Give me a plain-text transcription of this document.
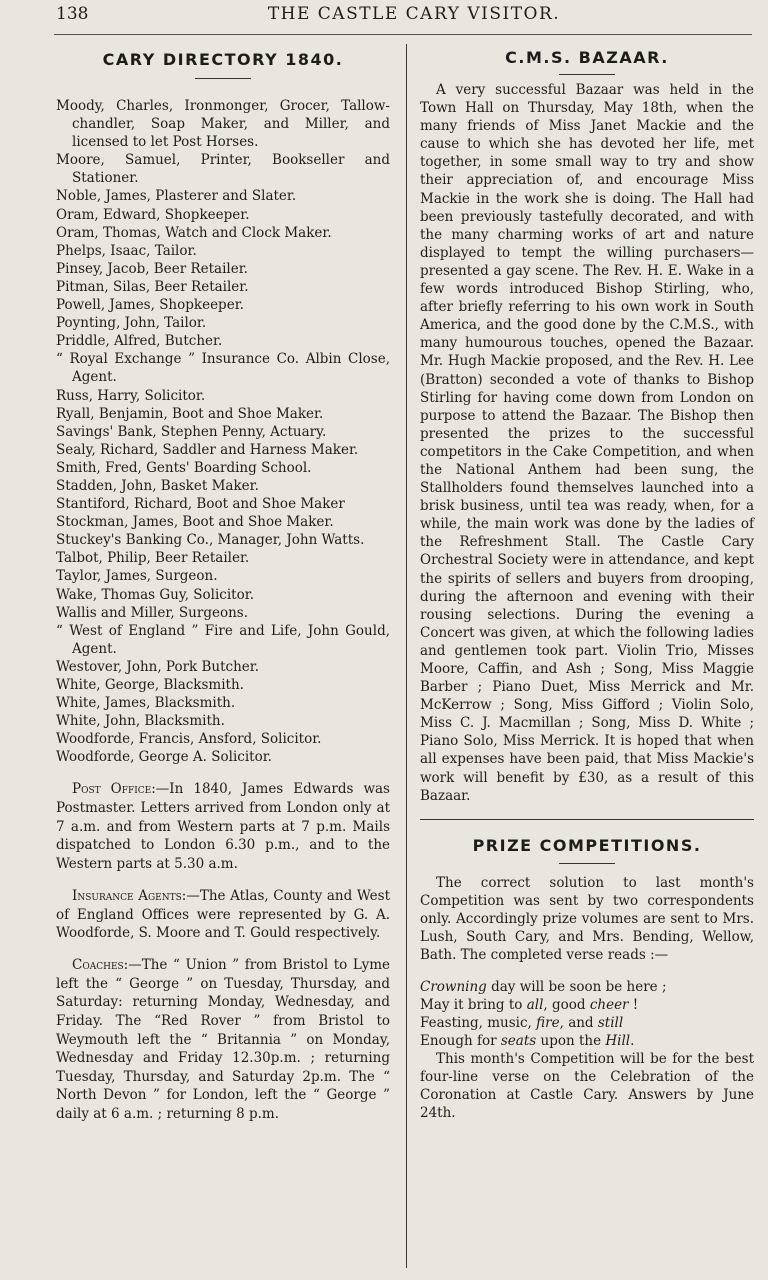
138	THE CASTLE CARY VISITOR.
CARY DIRECTORY 1840.
Moody, Charles, Ironmonger, Grocer, Tallow-chandler, Soap Maker, and Miller, and licensed to let Post Horses.
Moore, Samuel, Printer, Bookseller and Stationer.
Noble, James, Plasterer and Slater.
Oram, Edward, Shopkeeper.
Oram, Thomas, Watch and Clock Maker.
Phelps, Isaac, Tailor.
Pinsey, Jacob, Beer Retailer.
Pitman, Silas, Beer Retailer.
Powell, James, Shopkeeper.
Poynting, John, Tailor.
Priddle, Alfred, Butcher.
“ Royal Exchange ” Insurance Co. Albin Close, Agent.
Russ, Harry, Solicitor.
Ryall, Benjamin, Boot and Shoe Maker.
Savings' Bank, Stephen Penny, Actuary.
Sealy, Richard, Saddler and Harness Maker.
Smith, Fred, Gents' Boarding School.
Stadden, John, Basket Maker.
Stantiford, Richard, Boot and Shoe Maker
Stockman, James, Boot and Shoe Maker.
Stuckey's Banking Co., Manager, John Watts.
Talbot, Philip, Beer Retailer.
Taylor, James, Surgeon.
Wake, Thomas Guy, Solicitor.
Wallis and Miller, Surgeons.
“ West of England ” Fire and Life, John Gould, Agent.
Westover, John, Pork Butcher.
White, George, Blacksmith.
White, James, Blacksmith.
White, John, Blacksmith.
Woodforde, Francis, Ansford, Solicitor.
Woodforde, George A. Solicitor.

Post Office:—In 1840, James Edwards was Postmaster. Letters arrived from London only at 7 a.m. and from Western parts at 7 p.m. Mails dispatched to London 6.30 p.m., and to the Western parts at 5.30 a.m.

Insurance Agents:—The Atlas, County and West of England Offices were represented by G. A. Woodforde, S. Moore and T. Gould respectively.

Coaches:—The “ Union ” from Bristol to Lyme left the “ George ” on Tuesday, Thursday, and Saturday: returning Monday, Wednesday, and Friday. The “Red Rover ” from Bristol to Weymouth left the “ Britannia ” on Monday, Wednesday and Friday 12.30p.m. ; returning Tuesday, Thursday, and Saturday 2p.m. The “ North Devon ” for London, left the “ George ” daily at 6 a.m. ; returning 8 p.m.

C.M.S. BAZAAR.

A very successful Bazaar was held in the Town Hall on Thursday, May 18th, when the many friends of Miss Janet Mackie and the cause to which she has devoted her life, met together, in some small way to try and show their appreciation of, and encourage Miss Mackie in the work she is doing. The Hall had been previously tastefully decorated, and with the many charming works of art and nature displayed to tempt the willing purchasers—presented a gay scene. The Rev. H. E. Wake in a few words introduced Bishop Stirling, who, after briefly referring to his own work in South America, and the good done by the C.M.S., with many humourous touches, opened the Bazaar. Mr. Hugh Mackie proposed, and the Rev. H. Lee (Bratton) seconded a vote of thanks to Bishop Stirling for having come down from London on purpose to attend the Bazaar. The Bishop then presented the prizes to the successful competitors in the Cake Competition, and when the National Anthem had been sung, the Stallholders found themselves launched into a brisk business, until tea was ready, when, for a while, the main work was done by the ladies of the Refreshment Stall. The Castle Cary Orchestral Society were in attendance, and kept the spirits of sellers and buyers from drooping, during the afternoon and evening with their rousing selections. During the evening a Concert was given, at which the following ladies and gentlemen took part. Violin Trio, Misses Moore, Caffin, and Ash ; Song, Miss Maggie Barber ; Piano Duet, Miss Merrick and Mr. McKerrow ; Song, Miss Gifford ; Violin Solo, Miss C. J. Macmillan ; Song, Miss D. White ; Piano Solo, Miss Merrick. It is hoped that when all expenses have been paid, that Miss Mackie's work will benefit by £30, as a result of this Bazaar.

PRIZE COMPETITIONS.

The correct solution to last month's Competition was sent by two correspondents only. Accordingly prize volumes are sent to Mrs. Lush, South Cary, and Mrs. Bending, Wellow, Bath. The completed verse reads :—

Crowning day will be soon be here ;
May it bring to all, good cheer !
Feasting, music, fire, and still
Enough for seats upon the Hill.

This month's Competition will be for the best four-line verse on the Celebration of the Coronation at Castle Cary. Answers by June 24th.
